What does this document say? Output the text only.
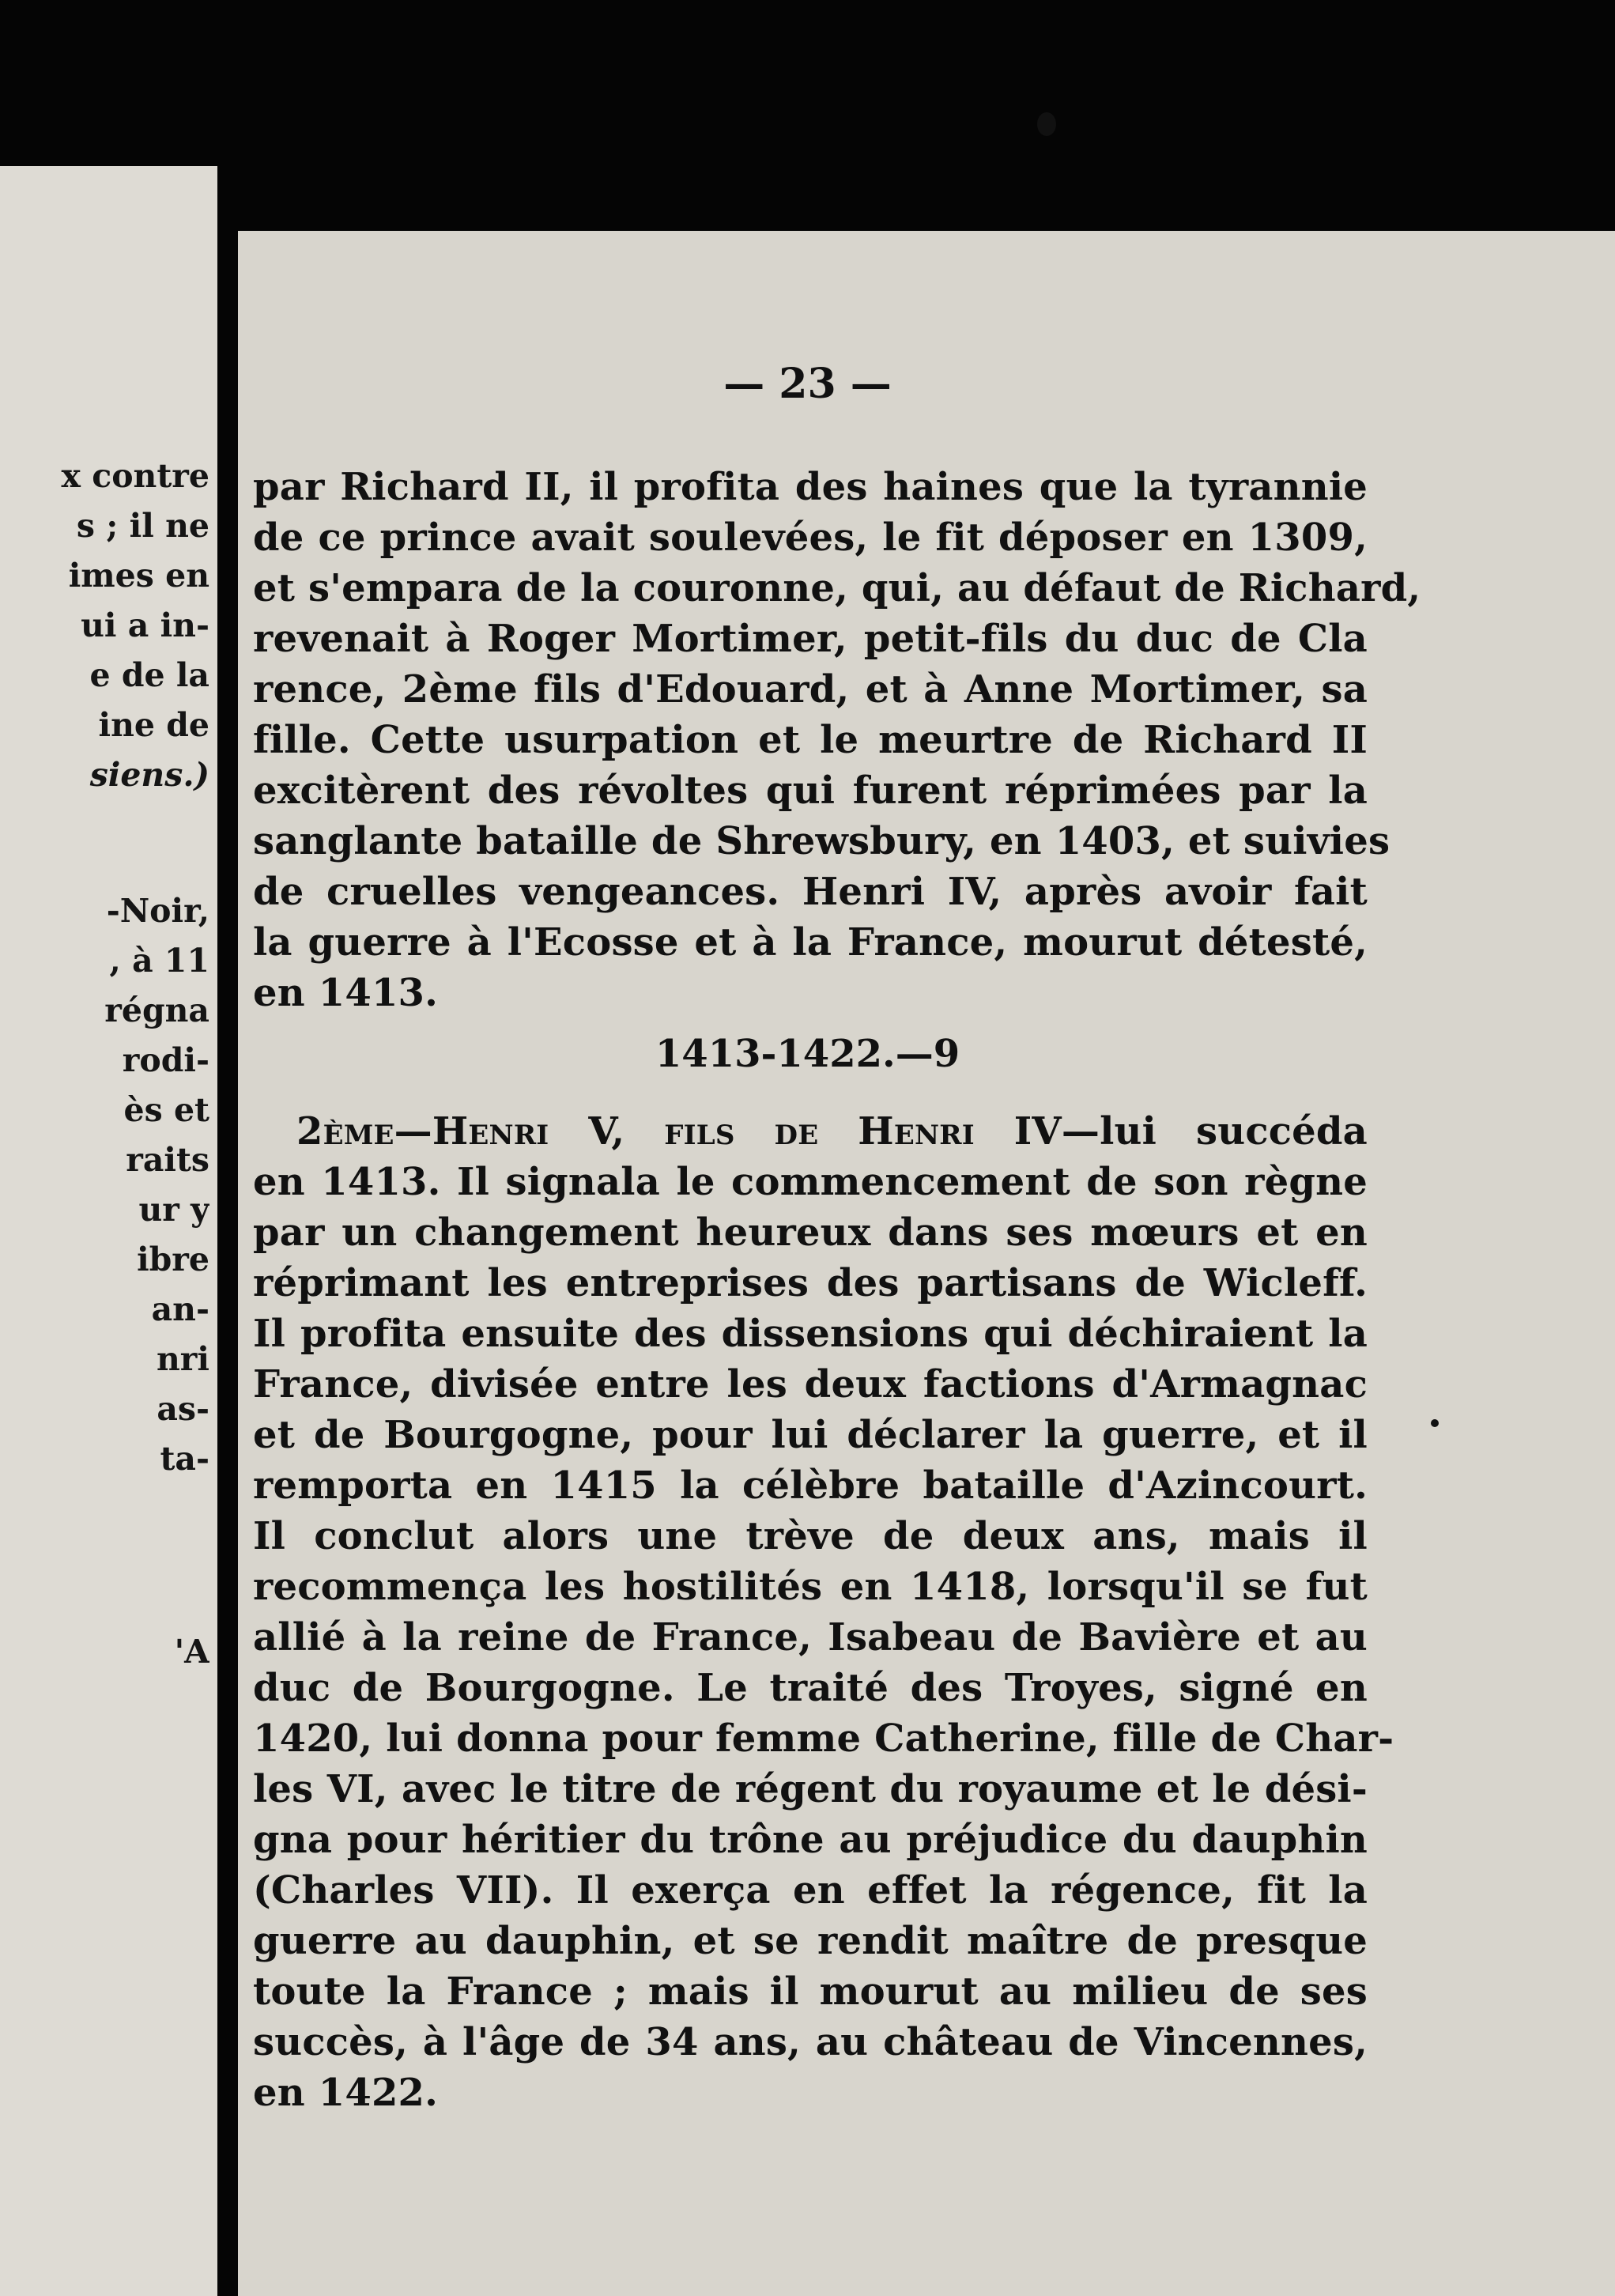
x contre
s ; il ne
imes en
ui a in-
e de la
ine de
siens.)
-Noir,
, à 11
régna
rodi-
ès et
raits
ur y
ibre
an-
nri
as-
ta-
'A
— 23 —
par Richard II, il profita des haines que la tyrannie
de ce prince avait soulevées, le fit déposer en 1309,
et s'empara de la couronne, qui, au défaut de Richard,
revenait à Roger Mortimer, petit-fils du duc de Cla
rence, 2ème fils d'Edouard, et à Anne Mortimer, sa
fille. Cette usurpation et le meurtre de Richard II
excitèrent des révoltes qui furent réprimées par la
sanglante bataille de Shrewsbury, en 1403, et suivies
de cruelles vengeances. Henri IV, après avoir fait
la guerre à l'Ecosse et à la France, mourut détesté,
en 1413.
1413-1422.—9
2ème—Henri V, fils de Henri IV—lui succéda
en 1413. Il signala le commencement de son règne
par un changement heureux dans ses mœurs et en
réprimant les entreprises des partisans de Wicleff.
Il profita ensuite des dissensions qui déchiraient la
France, divisée entre les deux factions d'Armagnac
et de Bourgogne, pour lui déclarer la guerre, et il
remporta en 1415 la célèbre bataille d'Azincourt.
Il conclut alors une trève de deux ans, mais il
recommença les hostilités en 1418, lorsqu'il se fut
allié à la reine de France, Isabeau de Bavière et au
duc de Bourgogne. Le traité des Troyes, signé en
1420, lui donna pour femme Catherine, fille de Char-
les VI, avec le titre de régent du royaume et le dési-
gna pour héritier du trône au préjudice du dauphin
(Charles VII). Il exerça en effet la régence, fit la
guerre au dauphin, et se rendit maître de presque
toute la France ; mais il mourut au milieu de ses
succès, à l'âge de 34 ans, au château de Vincennes,
en 1422.
